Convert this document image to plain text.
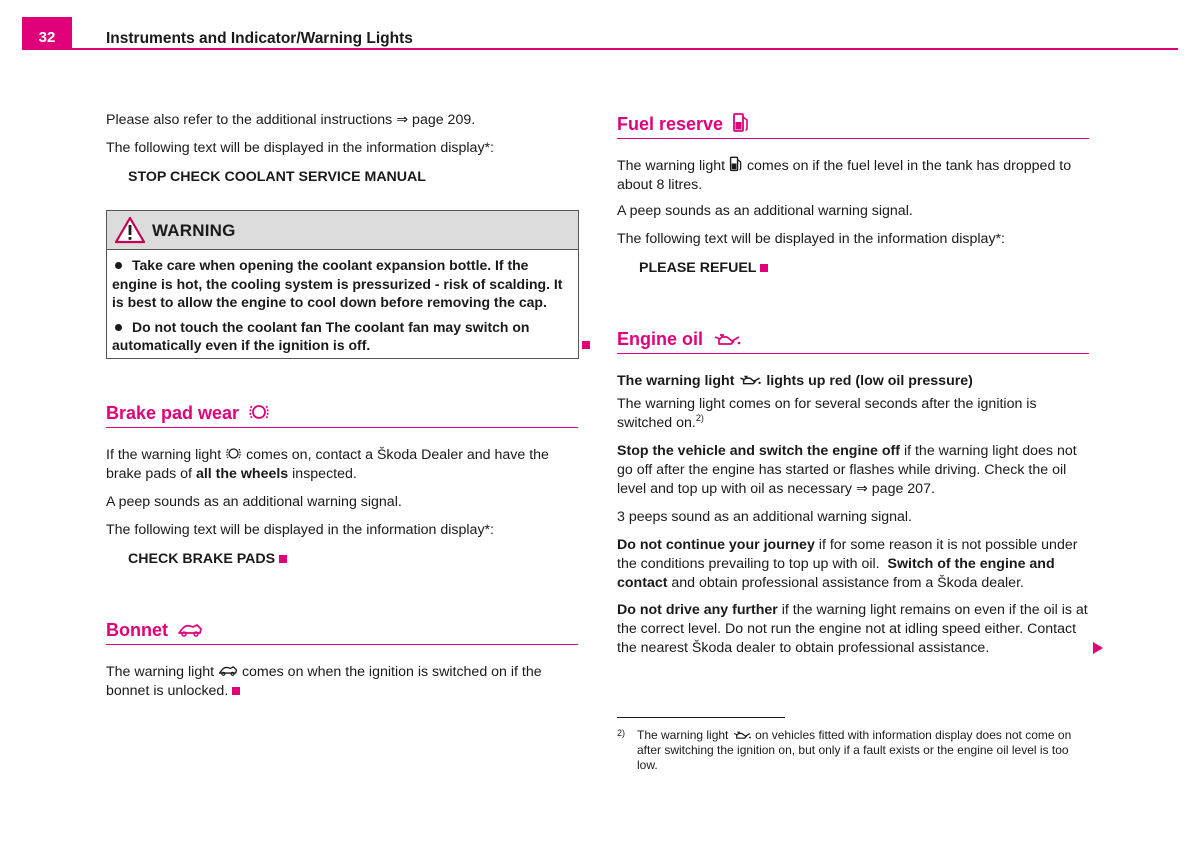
32	Instruments and Indicator/Warning Lights
Please also refer to the additional instructions ⇒ page 209.
The following text will be displayed in the information display*:
STOP CHECK COOLANT SERVICE MANUAL
WARNING
Take care when opening the coolant expansion bottle. If the engine is hot, the cooling system is pressurized - risk of scalding. It is best to allow the engine to cool down before removing the cap.
Do not touch the coolant fan The coolant fan may switch on automatically even if the ignition is off.
Brake pad wear
If the warning light comes on, contact a Škoda Dealer and have the brake pads of all the wheels inspected.
A peep sounds as an additional warning signal.
The following text will be displayed in the information display*:
CHECK BRAKE PADS
Bonnet
The warning light comes on when the ignition is switched on if the bonnet is unlocked.
Fuel reserve
The warning light comes on if the fuel level in the tank has dropped to about 8 litres.
A peep sounds as an additional warning signal.
The following text will be displayed in the information display*:
PLEASE REFUEL
Engine oil
The warning light lights up red (low oil pressure)
The warning light comes on for several seconds after the ignition is switched on.$^{2)}$
Stop the vehicle and switch the engine off if the warning light does not go off after the engine has started or flashes while driving. Check the oil level and top up with oil as necessary ⇒ page 207.
3 peeps sound as an additional warning signal.
Do not continue your journey if for some reason it is not possible under the conditions prevailing to top up with oil. Switch of the engine and contact and obtain professional assistance from a Škoda dealer.
Do not drive any further if the warning light remains on even if the oil is at the correct level. Do not run the engine not at idling speed either. Contact the nearest Škoda dealer to obtain professional assistance.
2) The warning light on vehicles fitted with information display does not come on after switching the ignition on, but only if a fault exists or the engine oil level is too low.
